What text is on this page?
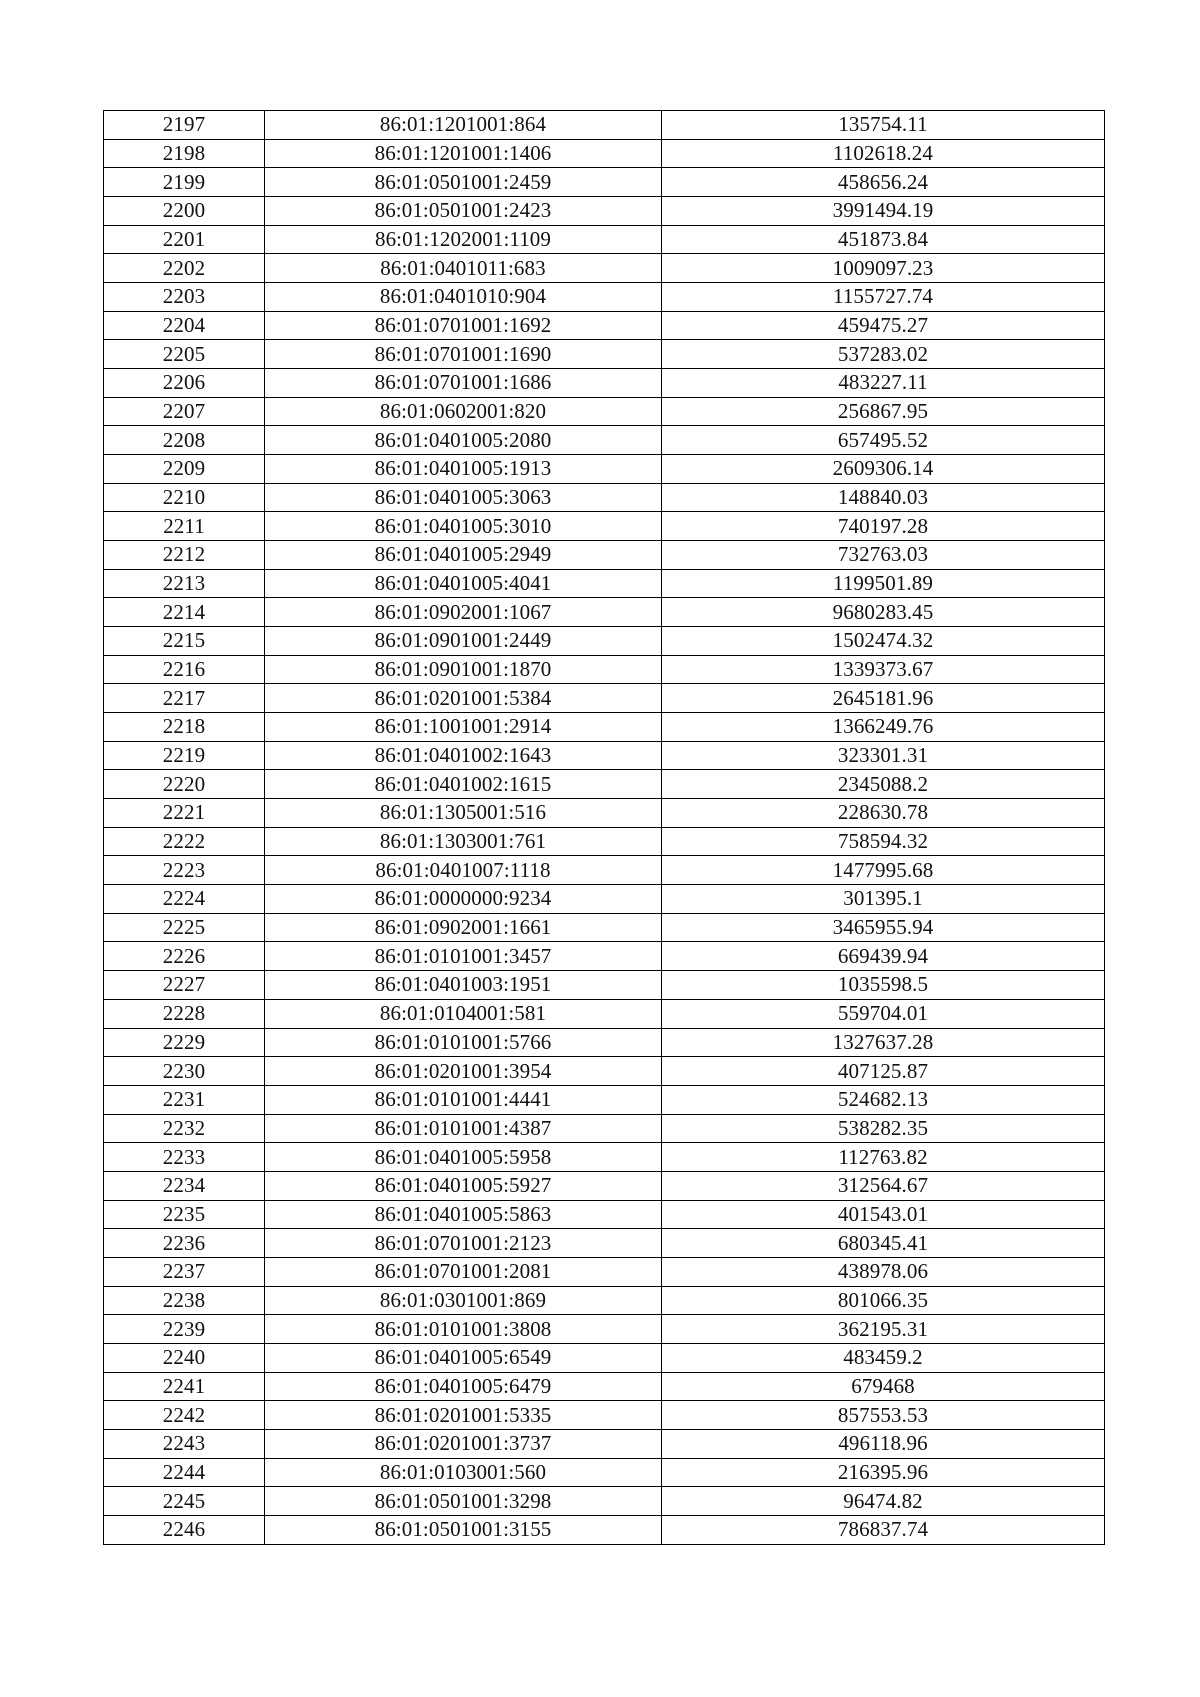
2197	86:01:1201001:864	135754.11
2198	86:01:1201001:1406	1102618.24
2199	86:01:0501001:2459	458656.24
2200	86:01:0501001:2423	3991494.19
2201	86:01:1202001:1109	451873.84
2202	86:01:0401011:683	1009097.23
2203	86:01:0401010:904	1155727.74
2204	86:01:0701001:1692	459475.27
2205	86:01:0701001:1690	537283.02
2206	86:01:0701001:1686	483227.11
2207	86:01:0602001:820	256867.95
2208	86:01:0401005:2080	657495.52
2209	86:01:0401005:1913	2609306.14
2210	86:01:0401005:3063	148840.03
2211	86:01:0401005:3010	740197.28
2212	86:01:0401005:2949	732763.03
2213	86:01:0401005:4041	1199501.89
2214	86:01:0902001:1067	9680283.45
2215	86:01:0901001:2449	1502474.32
2216	86:01:0901001:1870	1339373.67
2217	86:01:0201001:5384	2645181.96
2218	86:01:1001001:2914	1366249.76
2219	86:01:0401002:1643	323301.31
2220	86:01:0401002:1615	2345088.2
2221	86:01:1305001:516	228630.78
2222	86:01:1303001:761	758594.32
2223	86:01:0401007:1118	1477995.68
2224	86:01:0000000:9234	301395.1
2225	86:01:0902001:1661	3465955.94
2226	86:01:0101001:3457	669439.94
2227	86:01:0401003:1951	1035598.5
2228	86:01:0104001:581	559704.01
2229	86:01:0101001:5766	1327637.28
2230	86:01:0201001:3954	407125.87
2231	86:01:0101001:4441	524682.13
2232	86:01:0101001:4387	538282.35
2233	86:01:0401005:5958	112763.82
2234	86:01:0401005:5927	312564.67
2235	86:01:0401005:5863	401543.01
2236	86:01:0701001:2123	680345.41
2237	86:01:0701001:2081	438978.06
2238	86:01:0301001:869	801066.35
2239	86:01:0101001:3808	362195.31
2240	86:01:0401005:6549	483459.2
2241	86:01:0401005:6479	679468
2242	86:01:0201001:5335	857553.53
2243	86:01:0201001:3737	496118.96
2244	86:01:0103001:560	216395.96
2245	86:01:0501001:3298	96474.82
2246	86:01:0501001:3155	786837.74
